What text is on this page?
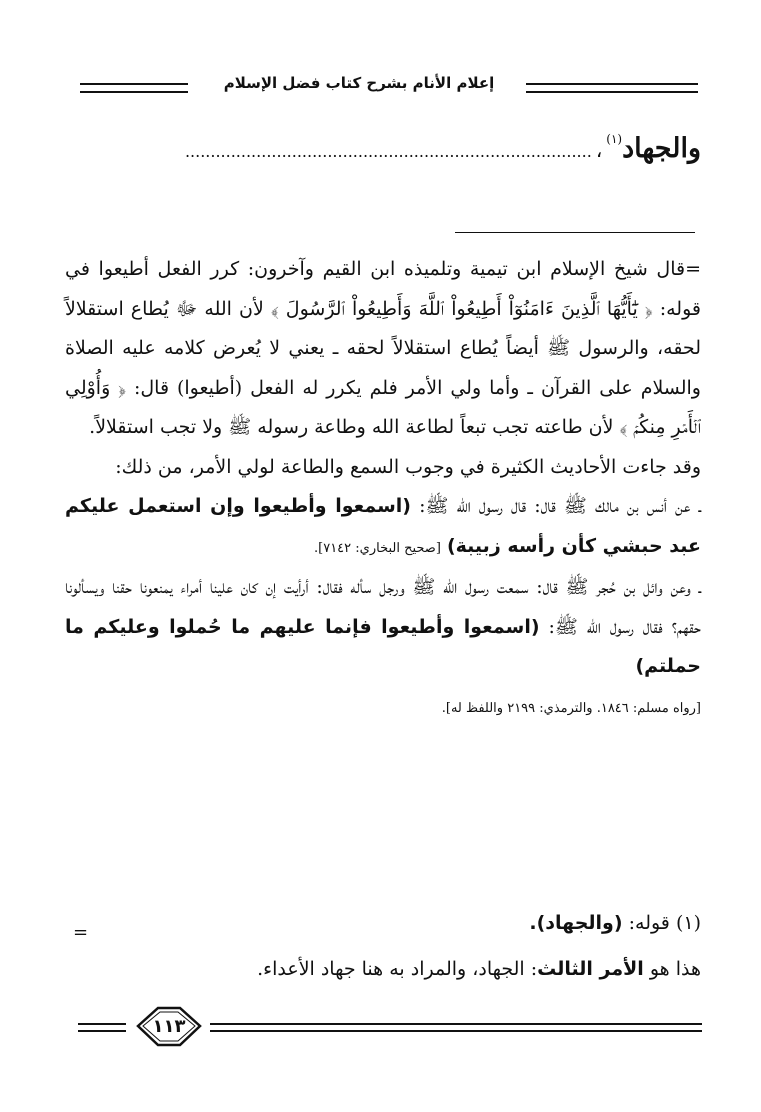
إعلام الأنام بشرح كتاب فضل الإسلام
والجهاد$^{(١)}$،................................................................................

=قال شيخ الإسلام ابن تيمية وتلميذه ابن القيم وآخرون: كرر الفعل أطيعوا في قوله: ﴿ يَٰٓأَيُّهَا ٱلَّذِينَ ءَامَنُوٓاْ أَطِيعُواْ ٱللَّهَ وَأَطِيعُواْ ٱلرَّسُولَ ﴾ لأن الله ﷻ يُطاع استقلالاً لحقه، والرسول ﷺ أيضاً يُطاع استقلالاً لحقه ـ يعني لا يُعرض كلامه عليه الصلاة والسلام على القرآن ـ وأما ولي الأمر فلم يكرر له الفعل (أطيعوا) قال: ﴿ وَأُوْلِي ٱلۡأَمۡرِ مِنكُمۡ ﴾ لأن طاعته تجب تبعاً لطاعة الله وطاعة رسوله ﷺ ولا تجب استقلالاً.

وقد جاءت الأحاديث الكثيرة في وجوب السمع والطاعة لولي الأمر، من ذلك:

ـ عن أنس بن مالك ﷺ قال: قال رسول الله ﷺ: (اسمعوا وأطيعوا وإن استعمل عليكم عبد حبشي كأن رأسه زبيبة) [صحيح البخاري: ٧١٤٢].

ـ وعن وائل بن حُجر ﷺ قال: سمعت رسول الله ﷺ ورجل سأله فقال: أرأيت إن كان علينا أمراء يمنعونا حقنا ويسألونا حقهم؟ فقال رسول الله ﷺ: (اسمعوا وأطيعوا فإنما عليهم ما حُملوا وعليكم ما حملتم)

[رواه مسلم: ١٨٤٦. والترمذي: ٢١٩٩ واللفظ له].

(١) قوله: (والجهاد).

هذا هو الأمر الثالث: الجهاد، والمراد به هنا جهاد الأعداء.

=
١١٣
